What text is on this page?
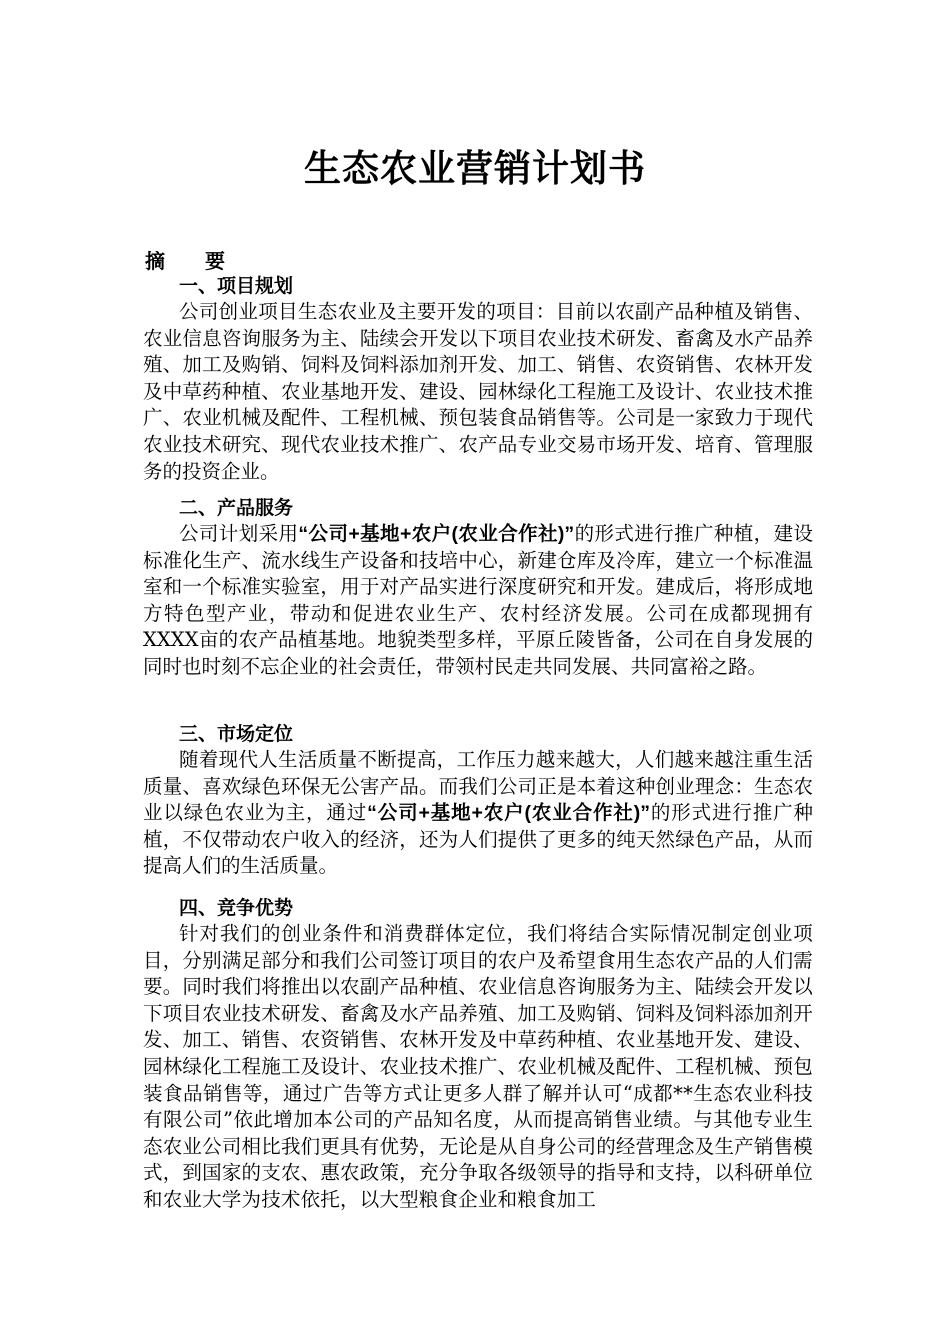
生态农业营销计划书
摘 要

一、项目规划

公司创业项目生态农业及主要开发的项目：目前以农副产品种植及销售、农业信息咨询服务为主、陆续会开发以下项目农业技术研发、畜禽及水产品养殖、加工及购销、饲料及饲料添加剂开发、加工、销售、农资销售、农林开发及中草药种植、农业基地开发、建设、园林绿化工程施工及设计、农业技术推广、农业机械及配件、工程机械、预包装食品销售等。公司是一家致力于现代农业技术研究、现代农业技术推广、农产品专业交易市场开发、培育、管理服务的投资企业。

二、产品服务

公司计划采用“公司+基地+农户(农业合作社)”的形式进行推广种植，建设标准化生产、流水线生产设备和技培中心，新建仓库及冷库，建立一个标准温室和一个标准实验室，用于对产品实进行深度研究和开发。建成后，将形成地方特色型产业，带动和促进农业生产、农村经济发展。公司在成都现拥有XXXX亩的农产品植基地。地貌类型多样，平原丘陵皆备，公司在自身发展的同时也时刻不忘企业的社会责任，带领村民走共同发展、共同富裕之路。

三、市场定位

随着现代人生活质量不断提高，工作压力越来越大，人们越来越注重生活质量、喜欢绿色环保无公害产品。而我们公司正是本着这种创业理念：生态农业以绿色农业为主，通过“公司+基地+农户(农业合作社)”的形式进行推广种植，不仅带动农户收入的经济，还为人们提供了更多的纯天然绿色产品，从而提高人们的生活质量。

四、竞争优势

针对我们的创业条件和消费群体定位，我们将结合实际情况制定创业项目，分别满足部分和我们公司签订项目的农户及希望食用生态农产品的人们需要。同时我们将推出以农副产品种植、农业信息咨询服务为主、陆续会开发以下项目农业技术研发、畜禽及水产品养殖、加工及购销、饲料及饲料添加剂开发、加工、销售、农资销售、农林开发及中草药种植、农业基地开发、建设、园林绿化工程施工及设计、农业技术推广、农业机械及配件、工程机械、预包装食品销售等，通过广告等方式让更多人群了解并认可“成都**生态农业科技有限公司”依此增加本公司的产品知名度，从而提高销售业绩。与其他专业生态农业公司相比我们更具有优势，无论是从自身公司的经营理念及生产销售模式，到国家的支农、惠农政策，充分争取各级领导的指导和支持，以科研单位和农业大学为技术依托，以大型粮食企业和粮食加工
